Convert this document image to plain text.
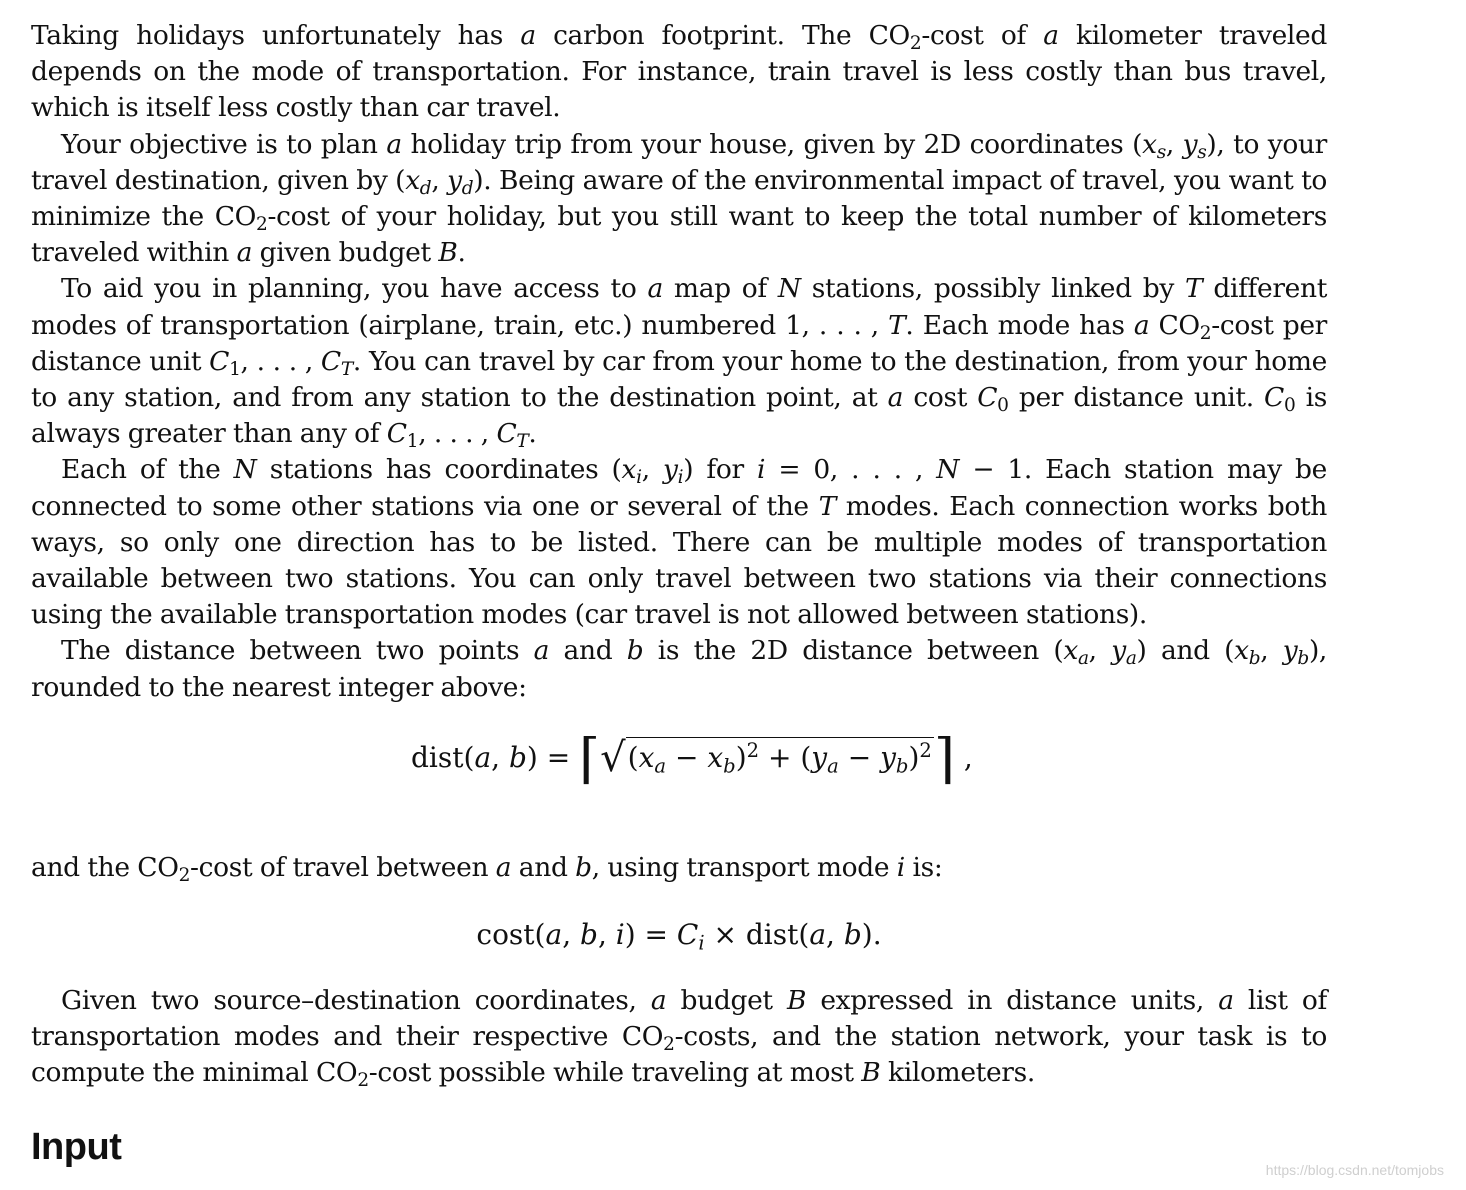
Taking holidays unfortunately has a carbon footprint. The $CO_2$-cost of a kilometer traveled depends on the mode of transportation. For instance, train travel is less costly than bus travel, which is itself less costly than car travel.

Your objective is to plan a holiday trip from your house, given by 2D coordinates ($x_s$, $y_s$), to your travel destination, given by ($x_d$, $y_d$). Being aware of the environmental impact of travel, you want to minimize the $CO_2$-cost of your holiday, but you still want to keep the total number of kilometers traveled within a given budget B.

To aid you in planning, you have access to a map of N stations, possibly linked by T different modes of transportation (airplane, train, etc.) numbered 1, . . . , T. Each mode has a $CO_2$-cost per distance unit $C_1$, . . . , $C_T$. You can travel by car from your home to the destination, from your home to any station, and from any station to the destination point, at a cost $C_0$ per distance unit. $C_0$ is always greater than any of $C_1$, . . . , $C_T$.

Each of the N stations has coordinates ($x_i$, $y_i$) for i = 0, . . . , N − 1. Each station may be connected to some other stations via one or several of the T modes. Each connection works both ways, so only one direction has to be listed. There can be multiple modes of transportation available between two stations. You can only travel between two stations via their connections using the available transportation modes (car travel is not allowed between stations).

The distance between two points a and b is the 2D distance between ($x_a$, $y_a$) and ($x_b$, $y_b$), rounded to the nearest integer above:

dist(a, $b) = ⌈√(x_a - x_b)^2 + (y_a$ − $y_b)^2⌉$ ,

and the $CO_2$-cost of travel between a and b, using transport mode i is:

cost(a, b, $i) = C_i$ × dist(a, b).

Given two source–destination coordinates, a budget B expressed in distance units, a list of transportation modes and their respective $CO_2$-costs, and the station network, your task is to compute the minimal $CO_2$-cost possible while traveling at most B kilometers.

Input
https://blog.csdn.net/tomjobs
